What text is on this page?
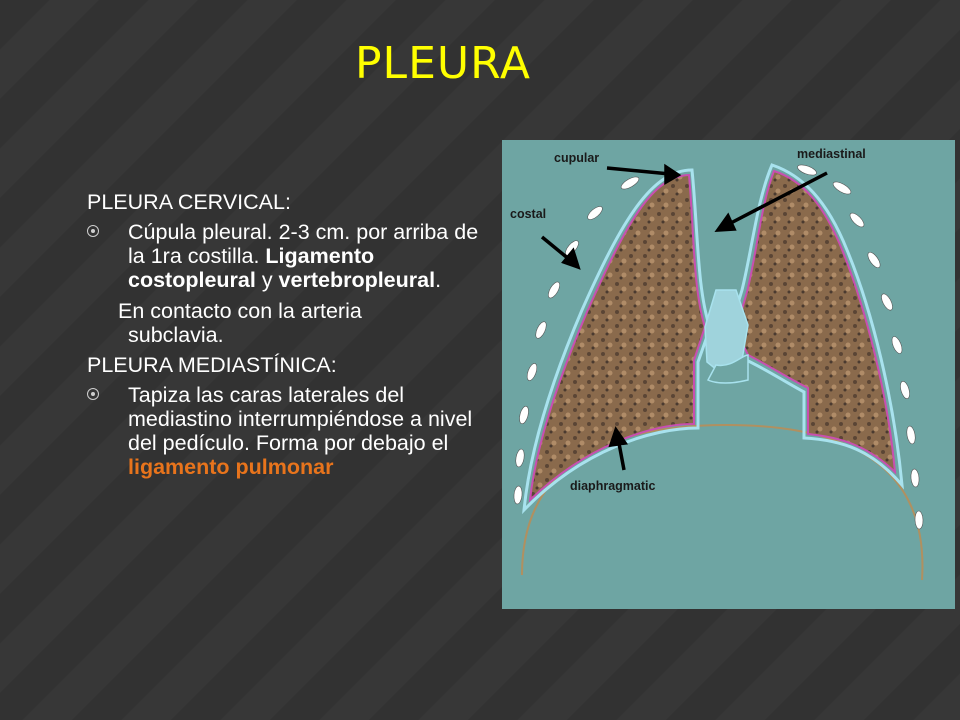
PLEURA

PLEURA CERVICAL:

Cúpula pleural. 2-3 cm. por arriba de la 1ra costilla. Ligamento costopleural y vertebropleural.
En contacto con la arteria
subclavia.

PLEURA MEDIASTÍNICA:

Tapiza las caras laterales del mediastino interrumpiéndose a nivel del pedículo. Forma por debajo el ligamento pulmonar
cupular	mediastinal
costal
diaphragmatic
